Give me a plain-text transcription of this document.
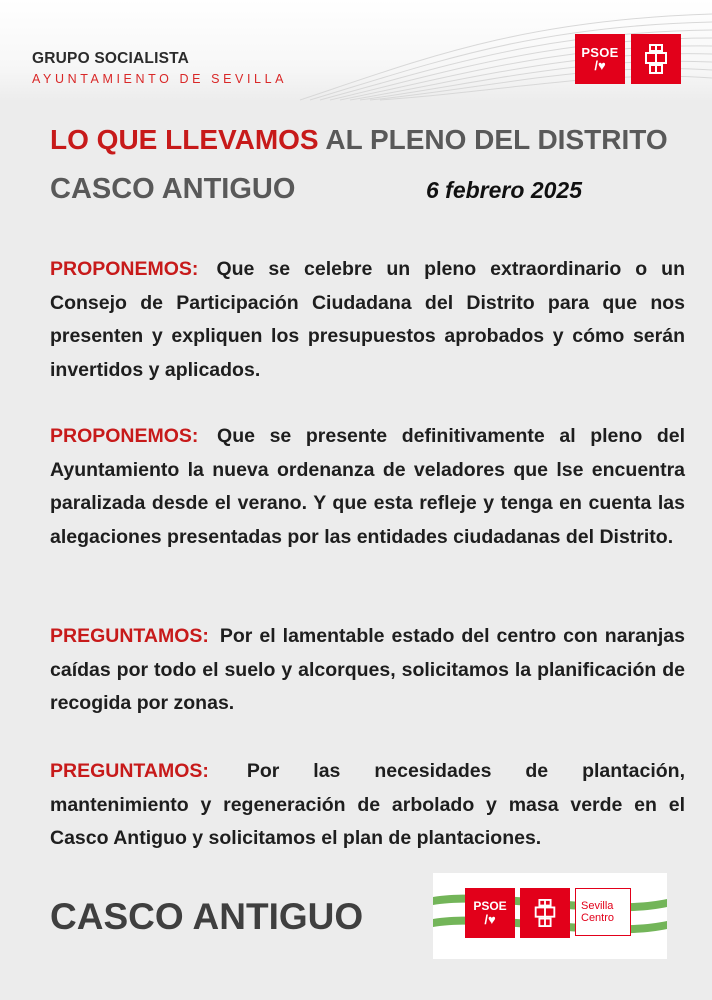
GRUPO SOCIALISTA
AYUNTAMIENTO DE SEVILLA
PSOE
/♥
LO QUE LLEVAMOS AL PLENO DEL DISTRITO
CASCO ANTIGUO	6 febrero 2025
PROPONEMOS: Que se celebre un pleno extraordinario o un Consejo de Participación Ciudadana del Distrito para que nos presenten y expliquen los presupuestos aprobados y cómo serán invertidos y aplicados.
PROPONEMOS: Que se presente definitivamente al pleno del Ayuntamiento la nueva ordenanza de veladores que lse encuentra paralizada desde el verano. Y que esta refleje y tenga en cuenta las alegaciones presentadas por las entidades ciudadanas del Distrito.
PREGUNTAMOS: Por el lamentable estado del centro con naranjas caídas por todo el suelo y alcorques, solicitamos la planificación de recogida por zonas.
PREGUNTAMOS: Por las necesidades de plantación, mantenimiento y regeneración de arbolado y masa verde en el Casco Antiguo y solicitamos el plan de plantaciones.
CASCO ANTIGUO	PSOE
/♥
Sevilla
Centro
